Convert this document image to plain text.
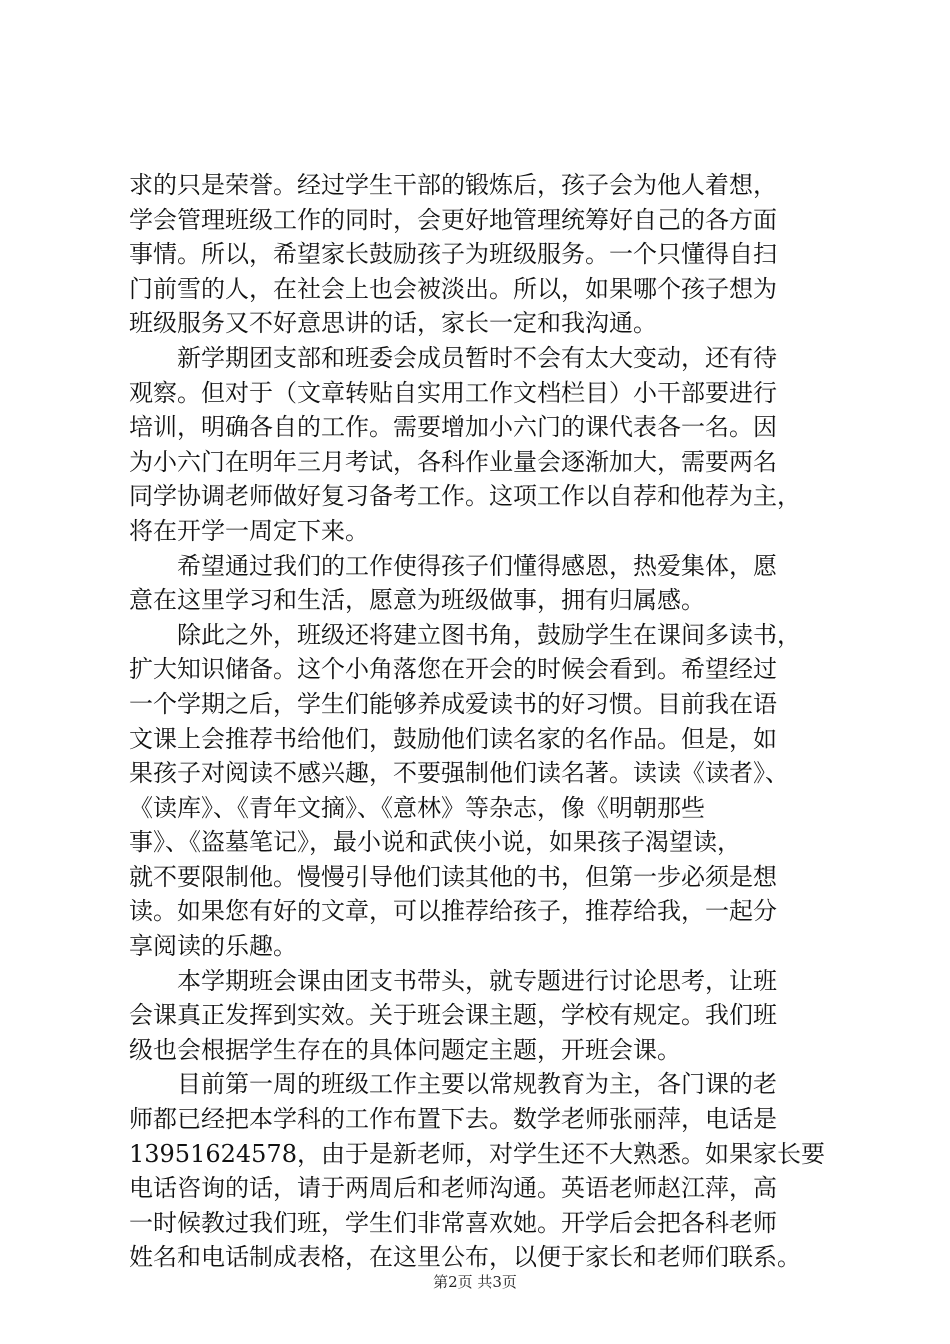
求的只是荣誉。经过学生干部的锻炼后，孩子会为他人着想，
学会管理班级工作的同时，会更好地管理统筹好自己的各方面
事情。所以，希望家长鼓励孩子为班级服务。一个只懂得自扫
门前雪的人，在社会上也会被淡出。所以，如果哪个孩子想为
班级服务又不好意思讲的话，家长一定和我沟通。
　　新学期团支部和班委会成员暂时不会有太大变动，还有待
观察。但对于（文章转贴自实用工作文档栏目）小干部要进行
培训，明确各自的工作。需要增加小六门的课代表各一名。因
为小六门在明年三月考试，各科作业量会逐渐加大，需要两名
同学协调老师做好复习备考工作。这项工作以自荐和他荐为主，
将在开学一周定下来。
　　希望通过我们的工作使得孩子们懂得感恩，热爱集体，愿
意在这里学习和生活，愿意为班级做事，拥有归属感。
　　除此之外，班级还将建立图书角，鼓励学生在课间多读书，
扩大知识储备。这个小角落您在开会的时候会看到。希望经过
一个学期之后，学生们能够养成爱读书的好习惯。目前我在语
文课上会推荐书给他们，鼓励他们读名家的名作品。但是，如
果孩子对阅读不感兴趣，不要强制他们读名著。读读《读者》、
《读库》、《青年文摘》、《意林》等杂志，像《明朝那些
事》、《盗墓笔记》，最小说和武侠小说，如果孩子渴望读，
就不要限制他。慢慢引导他们读其他的书，但第一步必须是想
读。如果您有好的文章，可以推荐给孩子，推荐给我，一起分
享阅读的乐趣。
　　本学期班会课由团支书带头，就专题进行讨论思考，让班
会课真正发挥到实效。关于班会课主题，学校有规定。我们班
级也会根据学生存在的具体问题定主题，开班会课。
　　目前第一周的班级工作主要以常规教育为主，各门课的老
师都已经把本学科的工作布置下去。数学老师张丽萍，电话是
13951624578，由于是新老师，对学生还不大熟悉。如果家长要
电话咨询的话，请于两周后和老师沟通。英语老师赵江萍，高
一时候教过我们班，学生们非常喜欢她。开学后会把各科老师
姓名和电话制成表格，在这里公布，以便于家长和老师们联系。
第2页 共3页
